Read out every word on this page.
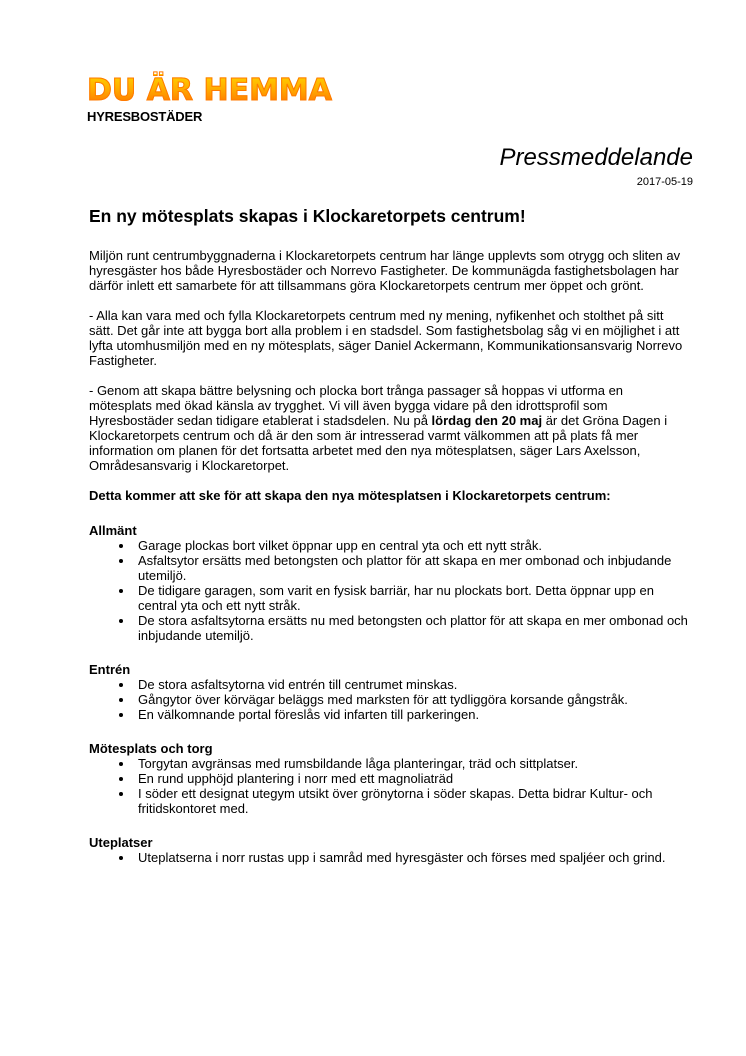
DU ÄR HEMMA
HYRESBOSTÄDER
Pressmeddelande
2017-05-19
En ny mötesplats skapas i Klockaretorpets centrum!

Miljön runt centrumbyggnaderna i Klockaretorpets centrum har länge upplevts som otrygg och sliten av hyresgäster hos både Hyresbostäder och Norrevo Fastigheter. De kommunägda fastighetsbolagen har därför inlett ett samarbete för att tillsammans göra Klockaretorpets centrum mer öppet och grönt.

- Alla kan vara med och fylla Klockaretorpets centrum med ny mening, nyfikenhet och stolthet på sitt sätt. Det går inte att bygga bort alla problem i en stadsdel. Som fastighetsbolag såg vi en möjlighet i att lyfta utomhusmiljön med en ny mötesplats, säger Daniel Ackermann, Kommunikationsansvarig Norrevo Fastigheter.

- Genom att skapa bättre belysning och plocka bort trånga passager så hoppas vi utforma en mötesplats med ökad känsla av trygghet. Vi vill även bygga vidare på den idrottsprofil som Hyresbostäder sedan tidigare etablerat i stadsdelen. Nu på lördag den 20 maj är det Gröna Dagen i Klockaretorpets centrum och då är den som är intresserad varmt välkommen att på plats få mer information om planen för det fortsatta arbetet med den nya mötesplatsen, säger Lars Axelsson, Områdesansvarig i Klockaretorpet.

Detta kommer att ske för att skapa den nya mötesplatsen i Klockaretorpets centrum:

Allmänt
• Garage plockas bort vilket öppnar upp en central yta och ett nytt stråk.
• Asfaltsytor ersätts med betongsten och plattor för att skapa en mer ombonad och inbjudande utemiljö.
• De tidigare garagen, som varit en fysisk barriär, har nu plockats bort. Detta öppnar upp en central yta och ett nytt stråk.
• De stora asfaltsytorna ersätts nu med betongsten och plattor för att skapa en mer ombonad och inbjudande utemiljö.
Entrén
• De stora asfaltsytorna vid entrén till centrumet minskas.
• Gångytor över körvägar beläggs med marksten för att tydliggöra korsande gångstråk.
• En välkomnande portal föreslås vid infarten till parkeringen.
Mötesplats och torg
• Torgytan avgränsas med rumsbildande låga planteringar, träd och sittplatser.
• En rund upphöjd plantering i norr med ett magnoliaträd
• I söder ett designat utegym utsikt över grönytorna i söder skapas. Detta bidrar Kultur- och fritidskontoret med.
Uteplatser
• Uteplatserna i norr rustas upp i samråd med hyresgäster och förses med spaljéer och grind.
